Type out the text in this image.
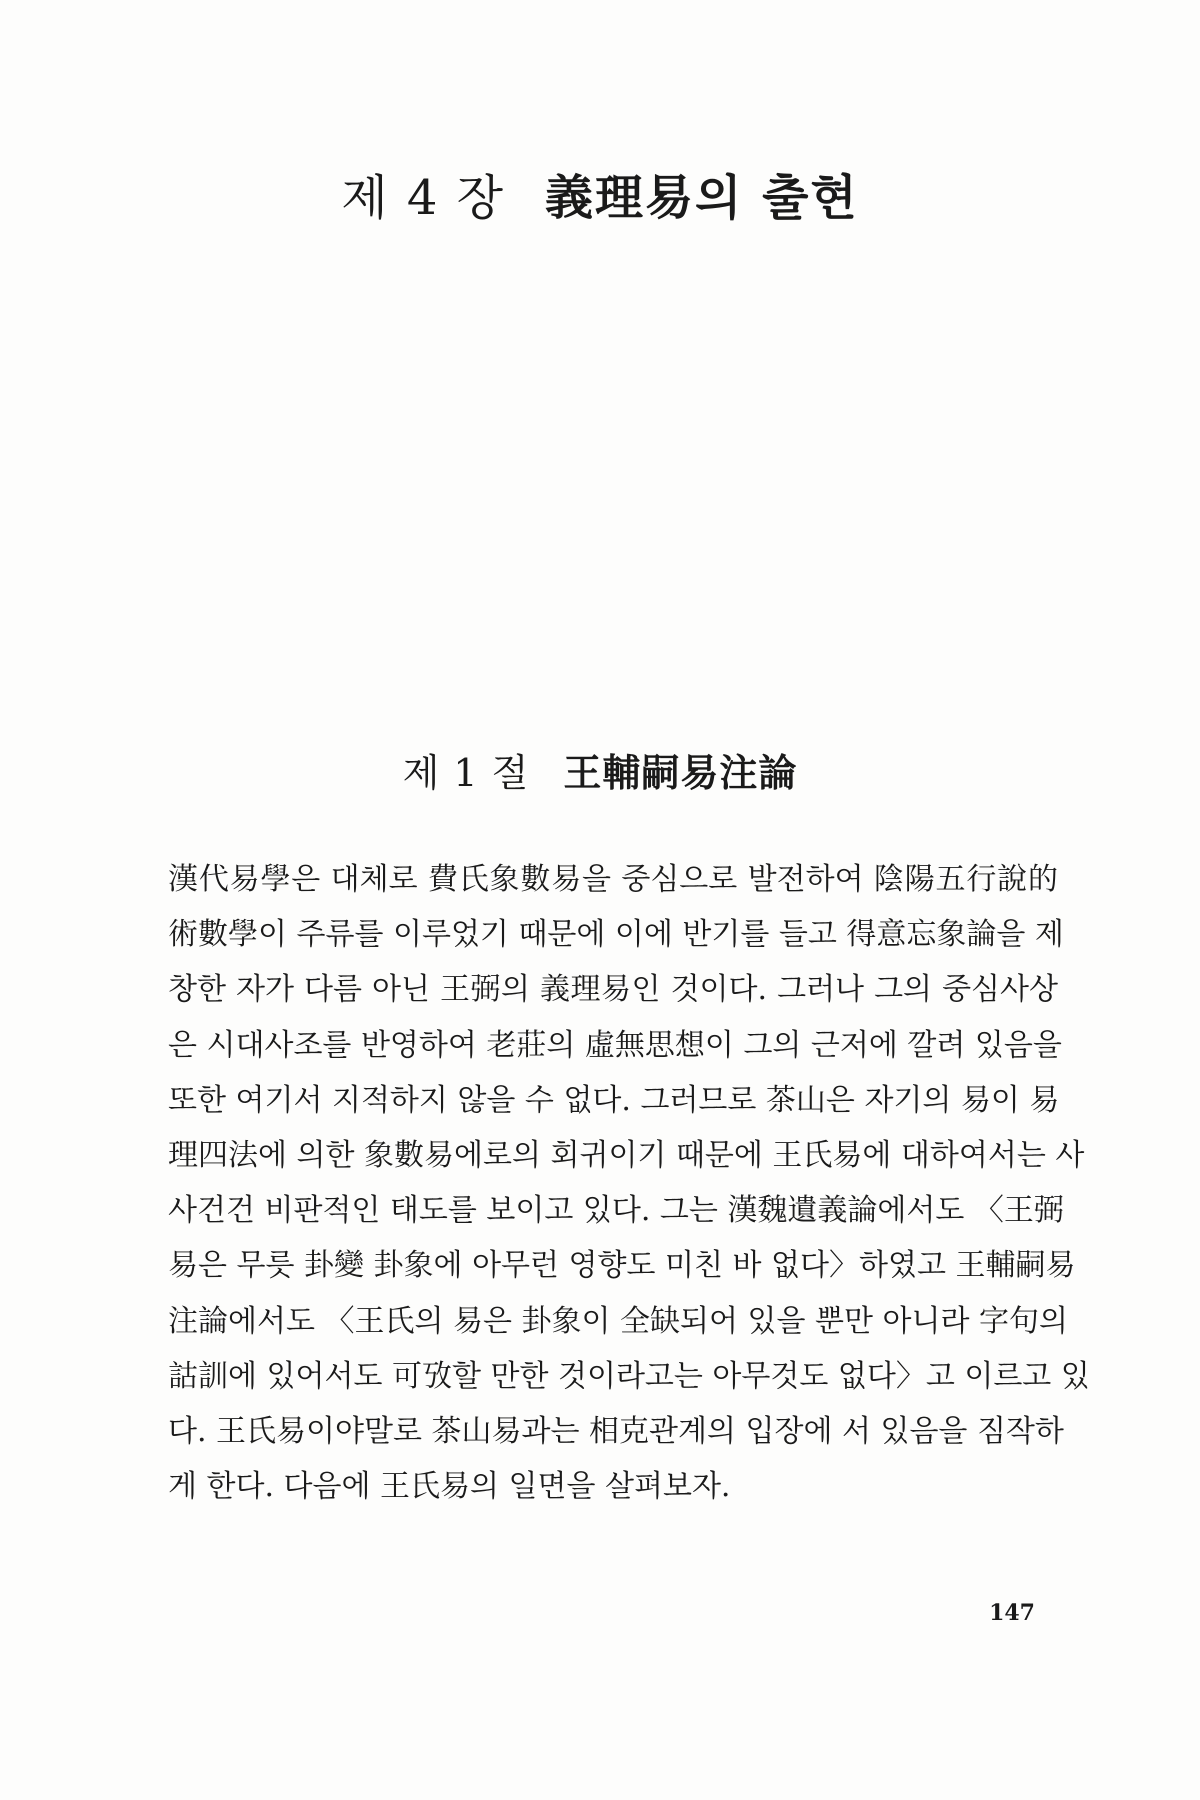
제 4 장 義理易의 출현
제 1 절 王輔嗣易注論

漢代易學은 대체로 費氏象數易을 중심으로 발전하여 陰陽五行說的
術數學이 주류를 이루었기 때문에 이에 반기를 들고 得意忘象論을 제
창한 자가 다름 아닌 王弼의 義理易인 것이다. 그러나 그의 중심사상
은 시대사조를 반영하여 老莊의 虛無思想이 그의 근저에 깔려 있음을
또한 여기서 지적하지 않을 수 없다. 그러므로 茶山은 자기의 易이 易
理四法에 의한 象數易에로의 회귀이기 때문에 王氏易에 대하여서는 사
사건건 비판적인 태도를 보이고 있다. 그는 漢魏遺義論에서도 〈王弼
易은 무릇 卦變 卦象에 아무런 영향도 미친 바 없다〉하였고 王輔嗣易
注論에서도 〈王氏의 易은 卦象이 全缺되어 있을 뿐만 아니라 字句의
詁訓에 있어서도 可攷할 만한 것이라고는 아무것도 없다〉고 이르고 있
다. 王氏易이야말로 茶山易과는 相克관계의 입장에 서 있음을 짐작하
게 한다. 다음에 王氏易의 일면을 살펴보자.

147
